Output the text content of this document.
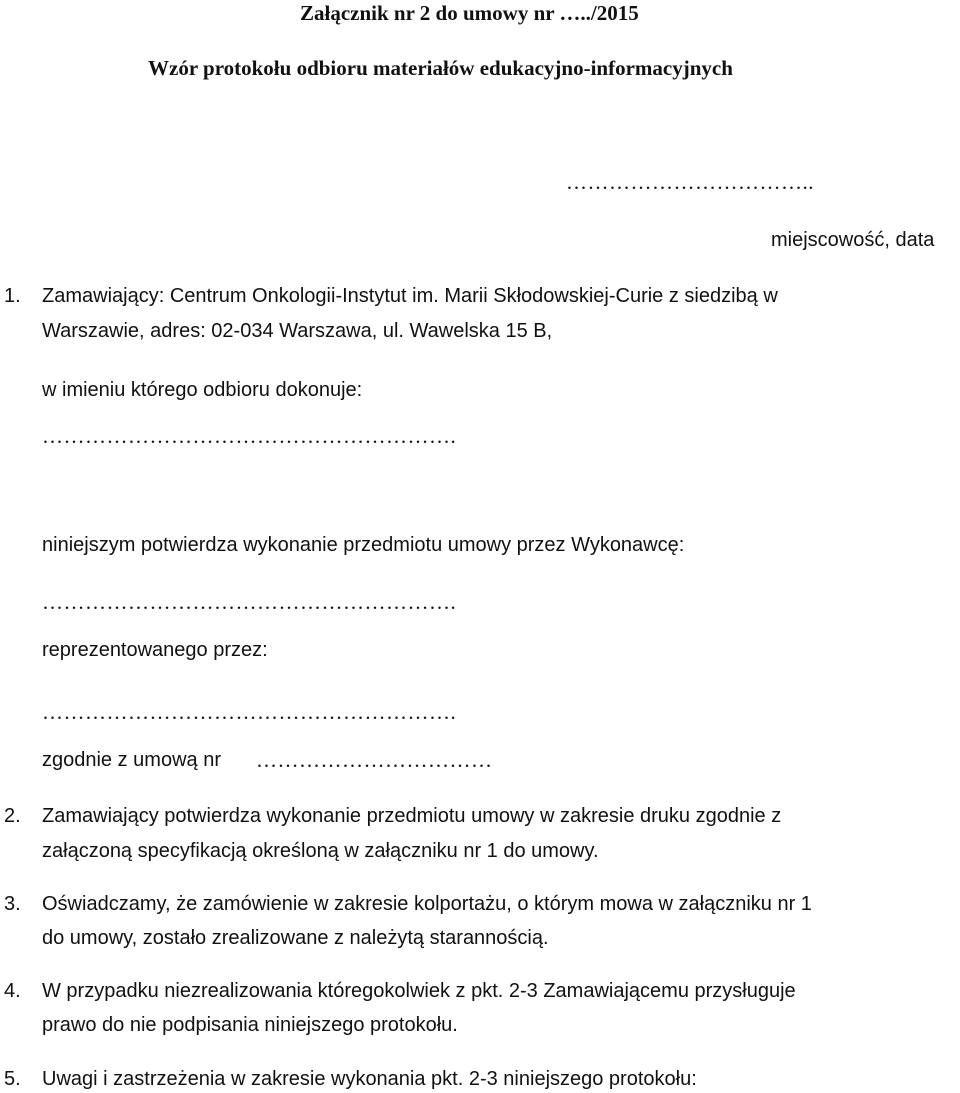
Załącznik nr 2 do umowy nr …../2015
Wzór protokołu odbioru materiałów edukacyjno-informacyjnych
……………………………..
miejscowość, data
1. Zamawiający: Centrum Onkologii-Instytut im. Marii Skłodowskiej-Curie z siedzibą w
Warszawie, adres: 02-034 Warszawa, ul. Wawelska 15 B,
w imieniu którego odbioru dokonuje:
………………………………………………….
niniejszym potwierdza wykonanie przedmiotu umowy przez Wykonawcę:
………………………………………………….
reprezentowanego przez:
………………………………………………….
zgodnie z umową nr ……………………………
2. Zamawiający potwierdza wykonanie przedmiotu umowy w zakresie druku zgodnie z
załączoną specyfikacją określoną w załączniku nr 1 do umowy.
3. Oświadczamy, że zamówienie w zakresie kolportażu, o którym mowa w załączniku nr 1
do umowy, zostało zrealizowane z należytą starannością.
4. W przypadku niezrealizowania któregokolwiek z pkt. 2-3 Zamawiającemu przysługuje
prawo do nie podpisania niniejszego protokołu.
5. Uwagi i zastrzeżenia w zakresie wykonania pkt. 2-3 niniejszego protokołu:
